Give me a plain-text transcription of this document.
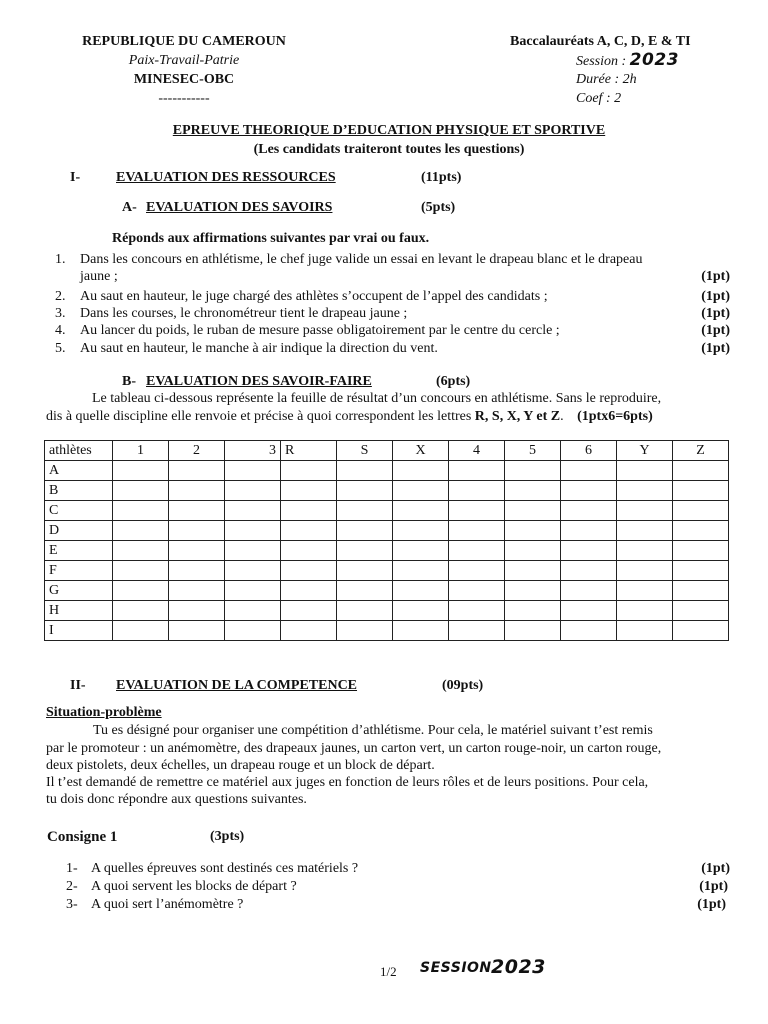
REPUBLIQUE DU CAMEROUN
Paix-Travail-Patrie
MINESEC-OBC
-----------
Baccalauréats A, C, D, E & TI
Session : 2023
Durée : 2h
Coef : 2
EPREUVE THEORIQUE D’EDUCATION PHYSIQUE ET SPORTIVE
(Les candidats traiteront toutes les questions)
I-	EVALUATION DES RESSOURCES	(11pts)
A- EVALUATION DES SAVOIRS	(5pts)
Réponds aux affirmations suivantes par vrai ou faux.
1.	Dans les concours en athlétisme, le chef juge valide un essai en levant le drapeau blanc et le drapeau
jaune ;	(1pt)
2.	Au saut en hauteur, le juge chargé des athlètes s’occupent de l’appel des candidats ;	(1pt)
3.	Dans les courses, le chronométreur tient le drapeau jaune ;	(1pt)
4.	Au lancer du poids, le ruban de mesure passe obligatoirement par le centre du cercle ;	(1pt)
5.	Au saut en hauteur, le manche à air indique la direction du vent.	(1pt)
B- EVALUATION DES SAVOIR-FAIRE	(6pts)
Le tableau ci-dessous représente la feuille de résultat d’un concours en athlétisme. Sans le reproduire,
dis à quelle discipline elle renvoie et précise à quoi correspondent les lettres R, S, X, Y et Z. (1ptx6=6pts)
athlètes	1	2	3	R	S	X	4	5	6	Y	Z
A											
B											
C											
D											
E											
F											
G											
H											
I											
II- EVALUATION DE LA COMPETENCE	(09pts)
Situation-problème
Tu es désigné pour organiser une compétition d’athlétisme. Pour cela, le matériel suivant t’est remis
par le promoteur : un anémomètre, des drapeaux jaunes, un carton vert, un carton rouge-noir, un carton rouge,
deux pistolets, deux échelles, un drapeau rouge et un block de départ.
Il t’est demandé de remettre ce matériel aux juges en fonction de leurs rôles et de leurs positions. Pour cela,
tu dois donc répondre aux questions suivantes.
Consigne 1	(3pts)
1- A quelles épreuves sont destinés ces matériels ?	(1pt)
2- A quoi servent les blocks de départ ?	(1pt)
3- A quoi sert l’anémomètre ?	(1pt)
1/2 SESSION 2023
